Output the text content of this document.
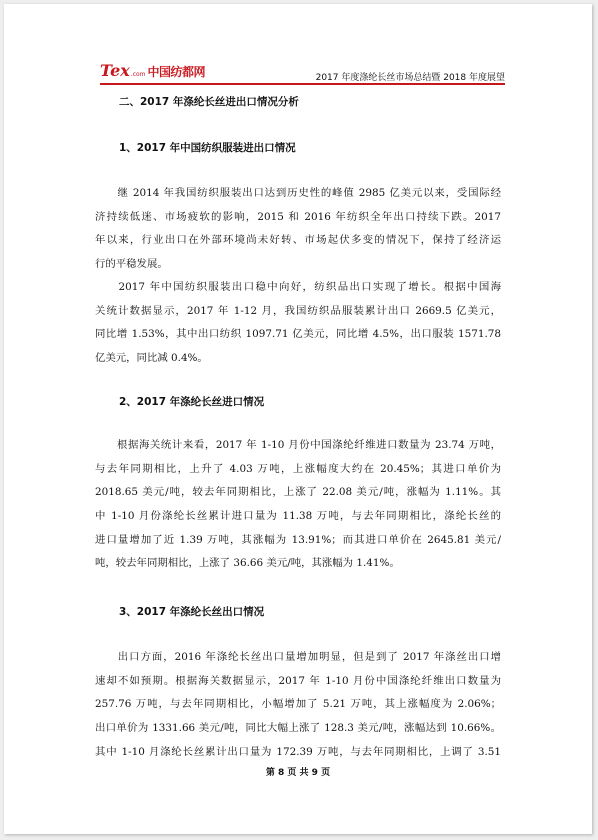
Tex .com 中国纺都网	2017 年度涤纶长丝市场总结暨 2018 年度展望
二、2017 年涤纶长丝进出口情况分析
1、2017 年中国纺织服装进出口情况
　　继 2014 年我国纺织服装出口达到历史性的峰值 2985 亿美元以来，受国际经
济持续低迷、市场疲软的影响，2015 和 2016 年纺织全年出口持续下跌。2017
年以来，行业出口在外部环境尚未好转、市场起伏多变的情况下，保持了经济运
行的平稳发展。
　　2017 年中国纺织服装出口稳中向好，纺织品出口实现了增长。根据中国海
关统计数据显示，2017 年 1-12 月，我国纺织品服装累计出口 2669.5 亿美元，
同比增 1.53%，其中出口纺织 1097.71 亿美元，同比增 4.5%，出口服装 1571.78
亿美元，同比减 0.4%。
2、2017 年涤纶长丝进口情况
　　根据海关统计来看，2017 年 1-10 月份中国涤纶纤维进口数量为 23.74 万吨，
与去年同期相比，上升了 4.03 万吨，上涨幅度大约在 20.45%；其进口单价为
2018.65 美元/吨，较去年同期相比，上涨了 22.08 美元/吨，涨幅为 1.11%。其
中 1-10 月份涤纶长丝累计进口量为 11.38 万吨，与去年同期相比，涤纶长丝的
进口量增加了近 1.39 万吨，其涨幅为 13.91%；而其进口单价在 2645.81 美元/
吨，较去年同期相比，上涨了 36.66 美元/吨，其涨幅为 1.41%。
3、2017 年涤纶长丝出口情况
　　出口方面，2016 年涤纶长丝出口量增加明显，但是到了 2017 年涤丝出口增
速却不如预期。根据海关数据显示，2017 年 1-10 月份中国涤纶纤维出口数量为
257.76 万吨，与去年同期相比，小幅增加了 5.21 万吨，其上涨幅度为 2.06%；
出口单价为 1331.66 美元/吨，同比大幅上涨了 128.3 美元/吨，涨幅达到 10.66%。
其中 1-10 月涤纶长丝累计出口量为 172.39 万吨，与去年同期相比，上调了 3.51
第 8 页 共 9 页
